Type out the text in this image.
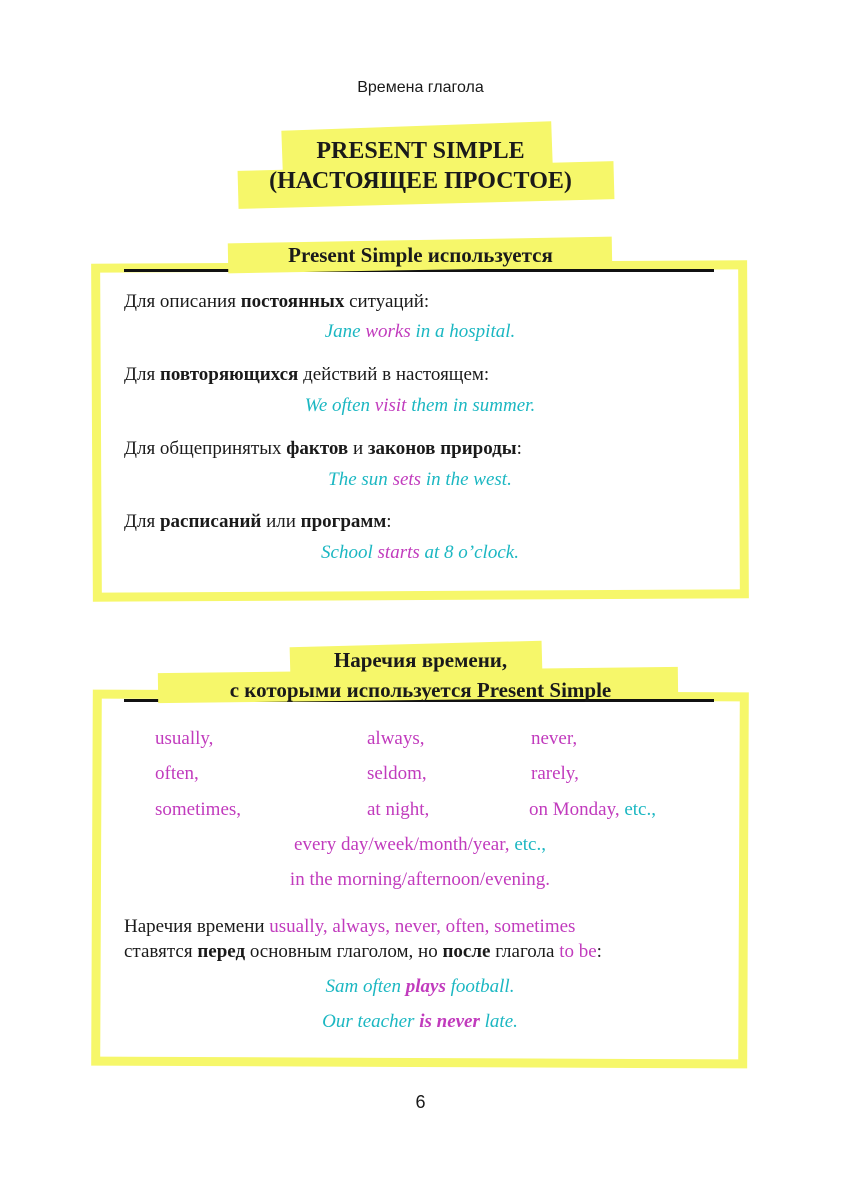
Времена глагола
PRESENT SIMPLE
(НАСТОЯЩЕЕ ПРОСТОЕ)
Present Simple используется
Для описания постоянных ситуаций:
Jane works in a hospital.
Для повторяющихся действий в настоящем:
We often visit them in summer.
Для общепринятых фактов и законов природы:
The sun sets in the west.
Для расписаний или программ:
School starts at 8 o’clock.
Наречия времени,
с которыми используется Present Simple
usually,	always,	never,
often,	seldom,	rarely,
sometimes,	at night,	on Monday, etc.,
every day/week/month/year, etc.,
in the morning/afternoon/evening.
Наречия времени usually, always, never, often, sometimes
ставятся перед основным глаголом, но после глагола to be:
Sam often plays football.
Our teacher is never late.
6
